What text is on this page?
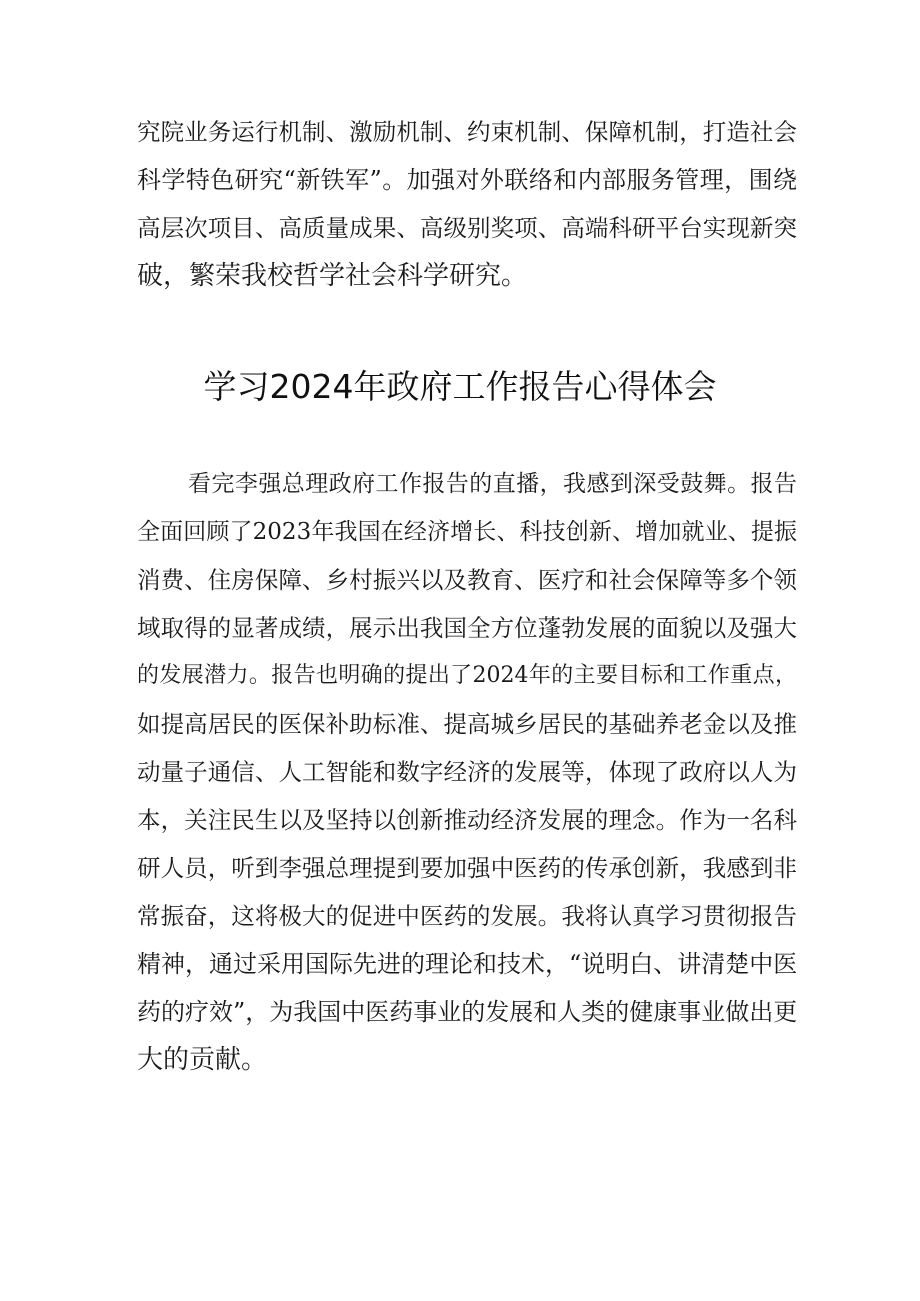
究院业务运行机制、激励机制、约束机制、保障机制，打造社会
科学特色研究“新铁军”。加强对外联络和内部服务管理，围绕
高层次项目、高质量成果、高级别奖项、高端科研平台实现新突
破，繁荣我校哲学社会科学研究。
学习2024年政府工作报告心得体会
看完李强总理政府工作报告的直播，我感到深受鼓舞。报告
全面回顾了2023年我国在经济增长、科技创新、增加就业、提振
消费、住房保障、乡村振兴以及教育、医疗和社会保障等多个领
域取得的显著成绩，展示出我国全方位蓬勃发展的面貌以及强大
的发展潜力。报告也明确的提出了2024年的主要目标和工作重点，
如提高居民的医保补助标准、提高城乡居民的基础养老金以及推
动量子通信、人工智能和数字经济的发展等，体现了政府以人为
本，关注民生以及坚持以创新推动经济发展的理念。作为一名科
研人员，听到李强总理提到要加强中医药的传承创新，我感到非
常振奋，这将极大的促进中医药的发展。我将认真学习贯彻报告
精神，通过采用国际先进的理论和技术，“说明白、讲清楚中医
药的疗效”，为我国中医药事业的发展和人类的健康事业做出更
大的贡献。
